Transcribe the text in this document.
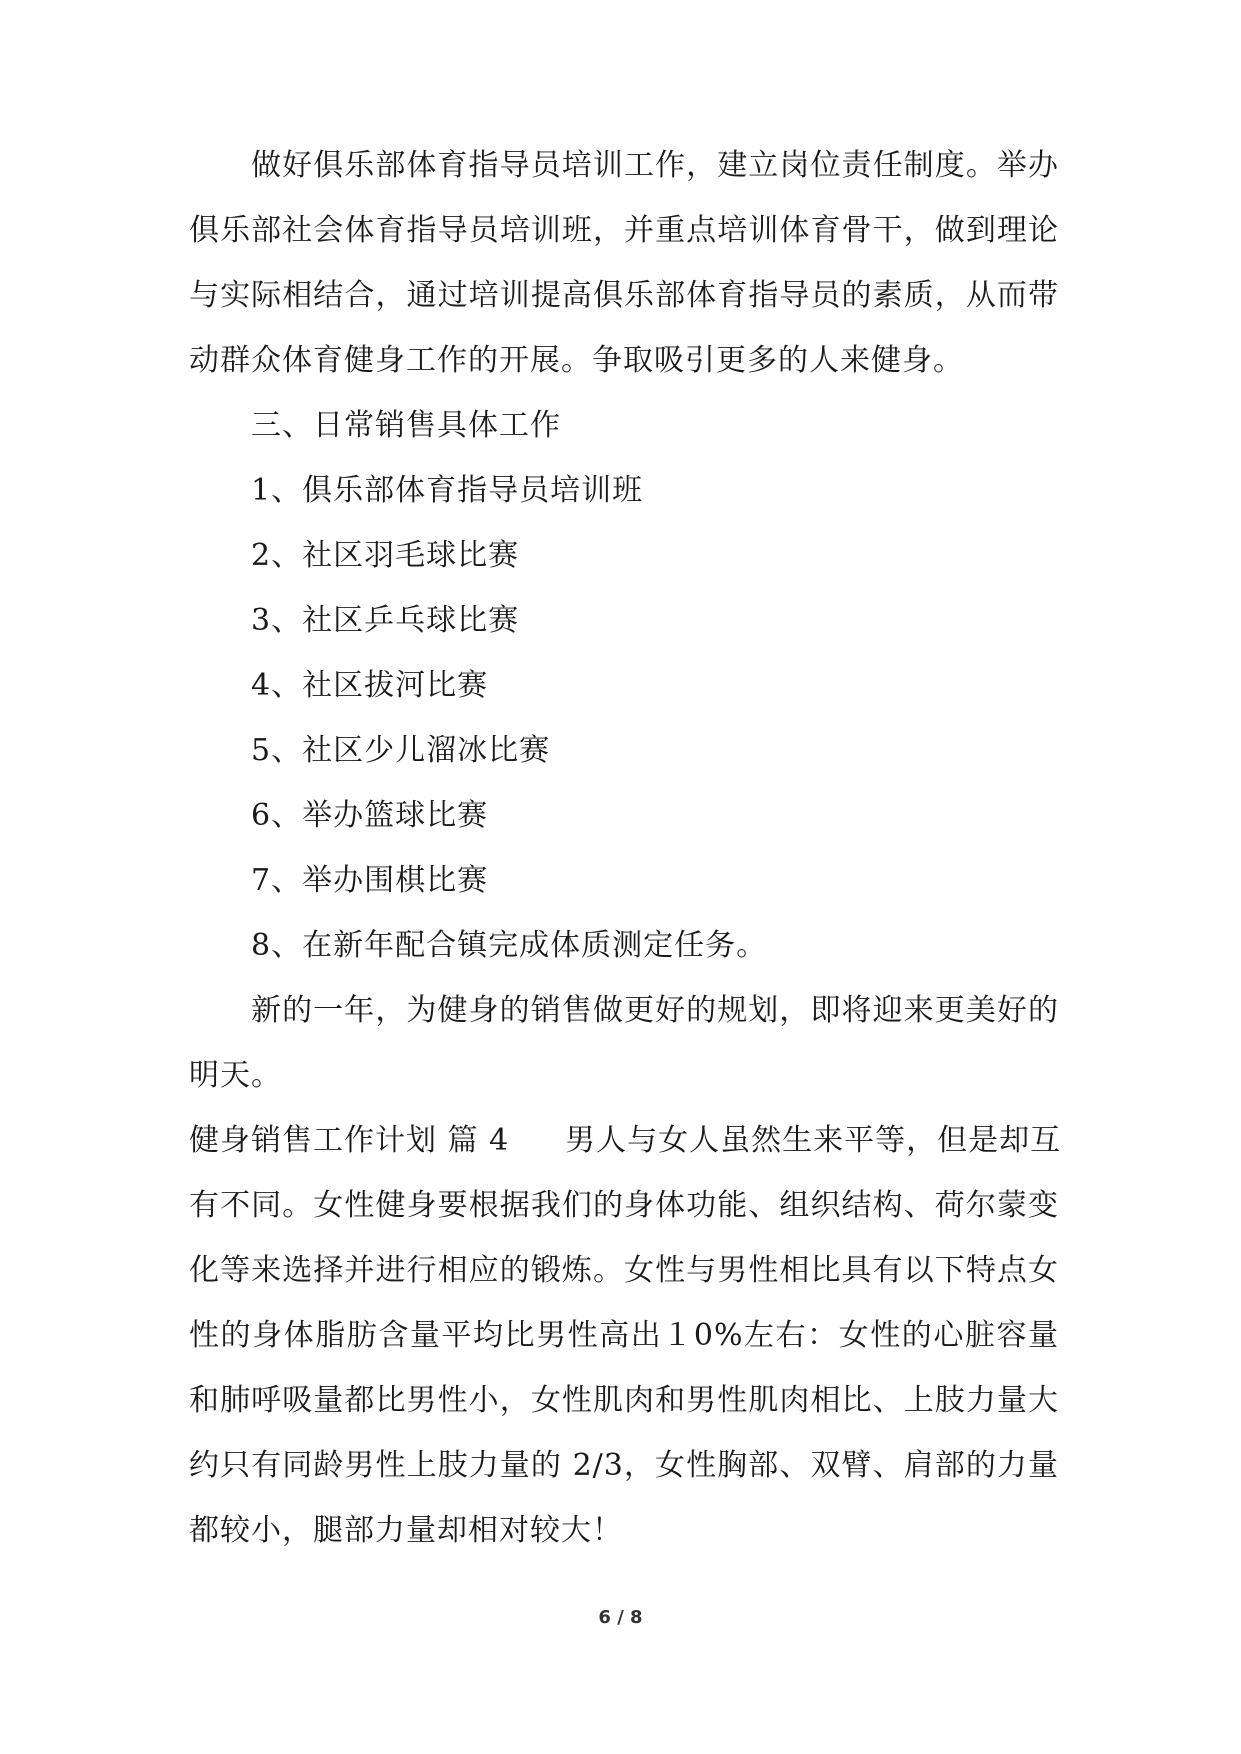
做好俱乐部体育指导员培训工作，建立岗位责任制度。举办俱乐部社会体育指导员培训班，并重点培训体育骨干，做到理论与实际相结合，通过培训提高俱乐部体育指导员的素质，从而带动群众体育健身工作的开展。争取吸引更多的人来健身。

三、日常销售具体工作

1、俱乐部体育指导员培训班

2、社区羽毛球比赛

3、社区乒乓球比赛

4、社区拔河比赛

5、社区少儿溜冰比赛

6、举办篮球比赛

7、举办围棋比赛

8、在新年配合镇完成体质测定任务。

新的一年，为健身的销售做更好的规划，即将迎来更美好的明天。

健身销售工作计划 篇 4 男人与女人虽然生来平等，但是却互

有不同。女性健身要根据我们的身体功能、组织结构、荷尔蒙变化等来选择并进行相应的锻炼。女性与男性相比具有以下特点女性的身体脂肪含量平均比男性高出１0%左右：女性的心脏容量和肺呼吸量都比男性小，女性肌肉和男性肌肉相比、上肢力量大约只有同龄男性上肢力量的 2/3，女性胸部、双臂、肩部的力量都较小，腿部力量却相对较大！

6 / 8
